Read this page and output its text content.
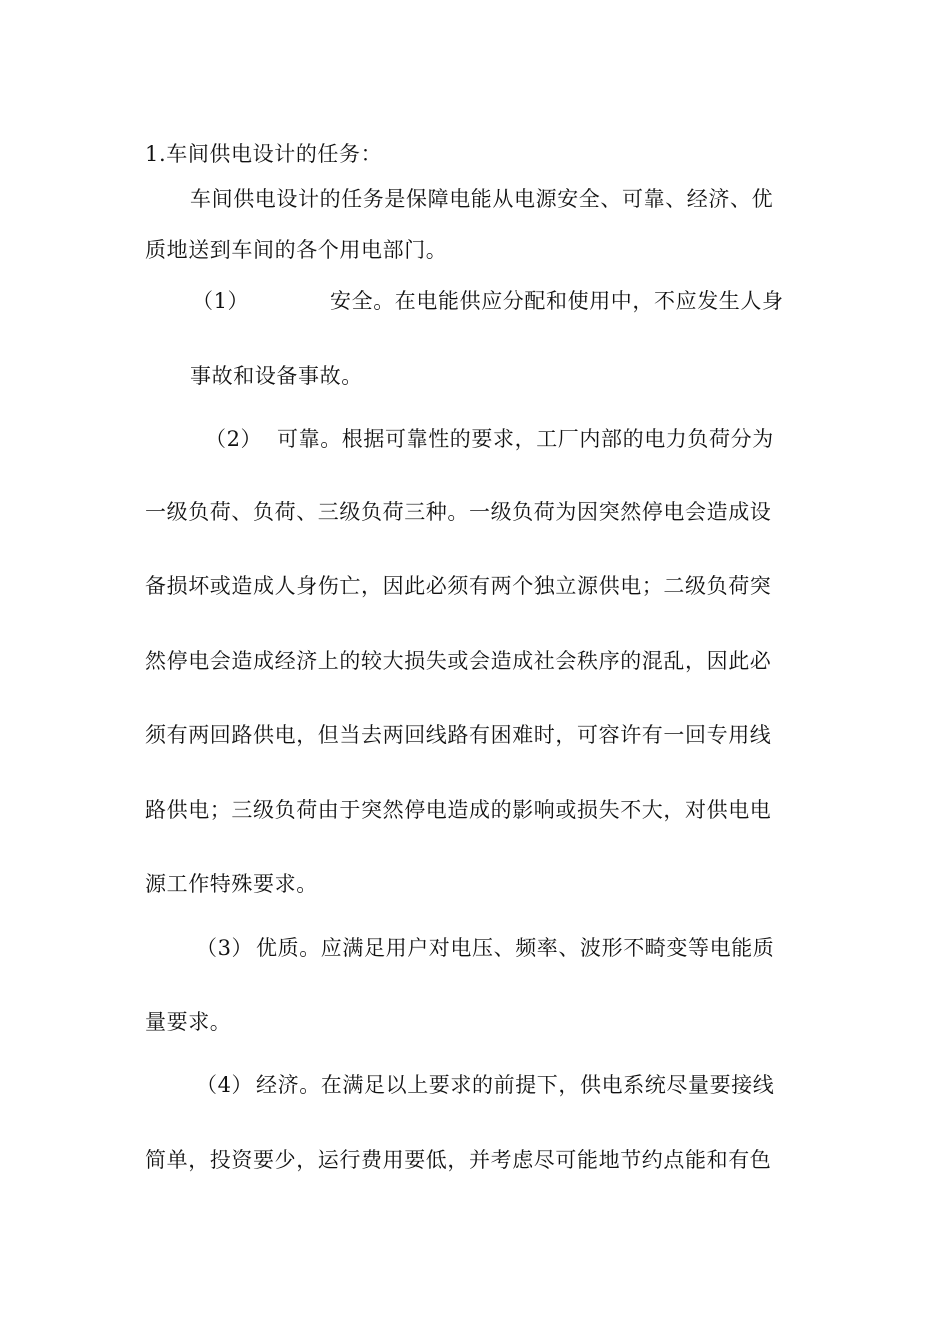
1.车间供电设计的任务：
车间供电设计的任务是保障电能从电源安全、可靠、经济、优
质地送到车间的各个用电部门。
（1）	安全。在电能供应分配和使用中，不应发生人身
事故和设备事故。
（2） 可靠。根据可靠性的要求，工厂内部的电力负荷分为
一级负荷、负荷、三级负荷三种。一级负荷为因突然停电会造成设
备损坏或造成人身伤亡，因此必须有两个独立源供电；二级负荷突
然停电会造成经济上的较大损失或会造成社会秩序的混乱，因此必
须有两回路供电，但当去两回线路有困难时，可容许有一回专用线
路供电；三级负荷由于突然停电造成的影响或损失不大，对供电电
源工作特殊要求。
（3） 优质。应满足用户对电压、频率、波形不畸变等电能质
量要求。
（4） 经济。在满足以上要求的前提下，供电系统尽量要接线
简单，投资要少，运行费用要低，并考虑尽可能地节约点能和有色
